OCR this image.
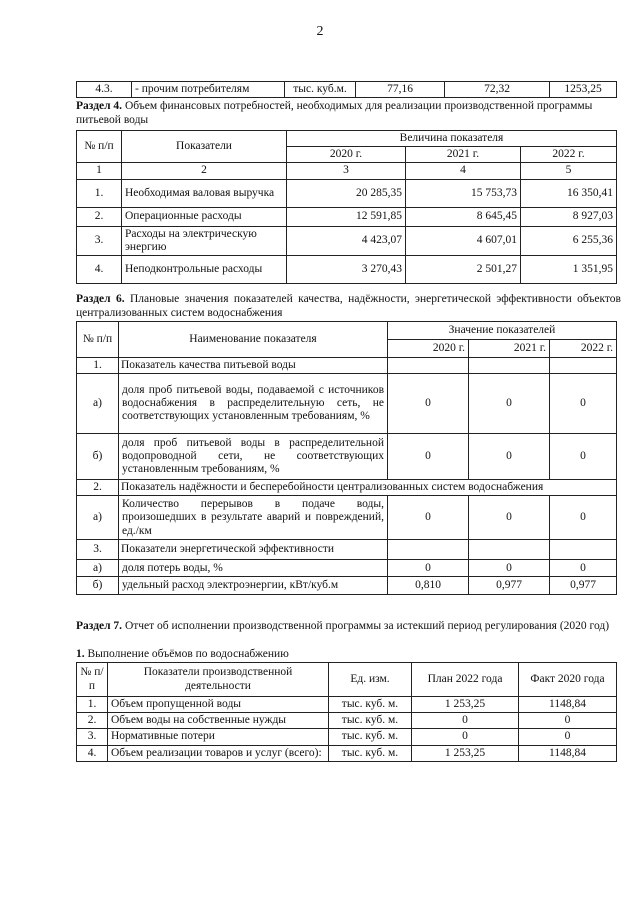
2
4.3.	- прочим потребителям	тыс. куб.м.	77,16	72,32	1253,25
Раздел 4. Объем финансовых потребностей, необходимых для реализации производственной программы питьевой воды
№ п/п	Показатели	Величина показателя		
		2020 г.	2021 г.	2022 г.
1	2	3	4	5
1.	Необходимая валовая выручка	20 285,35	15 753,73	16 350,41
2.	Операционные расходы	12 591,85	8 645,45	8 927,03
3.	Расходы на электрическую энергию	4 423,07	4 607,01	6 255,36
4.	Неподконтрольные расходы	3 270,43	2 501,27	1 351,95
Раздел 6. Плановые значения показателей качества, надёжности, энергетической эффективности объектов централизованных систем водоснабжения
№ п/п	Наименование показателя	Значение показателей		
		2020 г.	2021 г.	2022 г.
1.	Показатель качества питьевой воды			
а)	доля проб питьевой воды, подаваемой с источников водоснабжения в распределительную сеть, не соответствующих установленным требованиям, %	0	0	0
б)	доля проб питьевой воды в распределительной водопроводной сети, не соответствующих установленным требованиям, %	0	0	0
2.	Показатель надёжности и бесперебойности централизованных систем водоснабжения			
а)	Количество перерывов в подаче воды, произошедших в результате аварий и повреждений, ед./км	0	0	0
3.	Показатели энергетической эффективности			
а)	доля потерь воды, %	0	0	0
б)	удельный расход электроэнергии, кВт/куб.м	0,810	0,977	0,977
Раздел 7. Отчет об исполнении производственной программы за истекший период регулирования (2020 год)
1. Выполнение объёмов по водоснабжению
№ п/п	Показатели производственной деятельности	Ед. изм.	План 2022 года	Факт 2020 года
1.	Объем пропущенной воды	тыс. куб. м.	1 253,25	1148,84
2.	Объем воды на собственные нужды	тыс. куб. м.	0	0
3.	Нормативные потери	тыс. куб. м.	0	0
4.	Объем реализации товаров и услуг (всего):	тыс. куб. м.	1 253,25	1148,84
